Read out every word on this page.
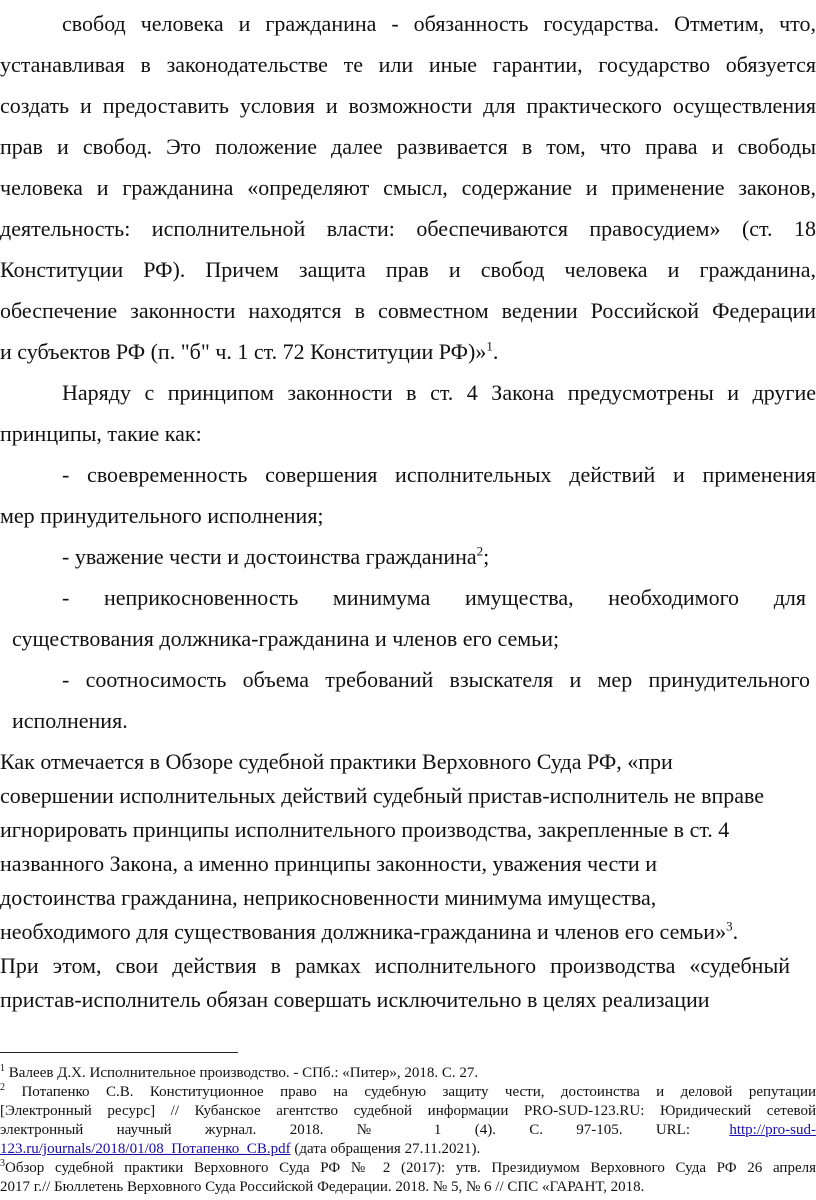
свобод человека и гражданина - обязанность государства. Отметим, что,
устанавливая в законодательстве те или иные гарантии, государство обязуется
создать и предоставить условия и возможности для практического осуществления
прав и свобод. Это положение далее развивается в том, что права и свободы
человека и гражданина «определяют смысл, содержание и применение законов,
деятельность: исполнительной власти: обеспечиваются правосудием» (ст. 18
Конституции РФ). Причем защита прав и свобод человека и гражданина,
обеспечение законности находятся в совместном ведении Российской Федерации
и субъектов РФ (п. "б" ч. 1 ст. 72 Конституции РФ)»$^1$.
Наряду с принципом законности в ст. 4 Закона предусмотрены и другие
принципы, такие как:
- своевременность совершения исполнительных действий и применения
мер принудительного исполнения;
- уважение чести и достоинства гражданина$^2$;
- неприкосновенность минимума имущества, необходимого для
существования должника-гражданина и членов его семьи;
- соотносимость объема требований взыскателя и мер принудительного
исполнения.
Как отмечается в Обзоре судебной практики Верховного Суда РФ, «при
совершении исполнительных действий судебный пристав-исполнитель не вправе
игнорировать принципы исполнительного производства, закрепленные в ст. 4
названного Закона, а именно принципы законности, уважения чести и
достоинства гражданина, неприкосновенности минимума имущества,
необходимого для существования должника-гражданина и членов его семьи»$^3$.
При этом, свои действия в рамках исполнительного производства «судебный
пристав-исполнитель обязан совершать исключительно в целях реализации
$^1$ Валеев Д.Х. Исполнительное производство. - СПб.: «Питер», 2018. С. 27.
$^2$ Потапенко С.В. Конституционное право на судебную защиту чести, достоинства и деловой репутации
[Электронный ресурс] // Кубанское агентство судебной информации PRO-SUD-123.RU: Юридический сетевой
электронный научный журнал. 2018. № 1 (4). С. 97-105. URL:	http://pro-sud-
123.ru/journals/2018/01/08_Потапенко_СВ.pdf (дата обращения 27.11.2021).
$^3$Обзор судебной практики Верховного Суда РФ № 2 (2017): утв. Президиумом Верховного Суда РФ 26 апреля
2017 г.// Бюллетень Верховного Суда Российской Федерации. 2018. № 5, № 6 // СПС «ГАРАНТ, 2018.
